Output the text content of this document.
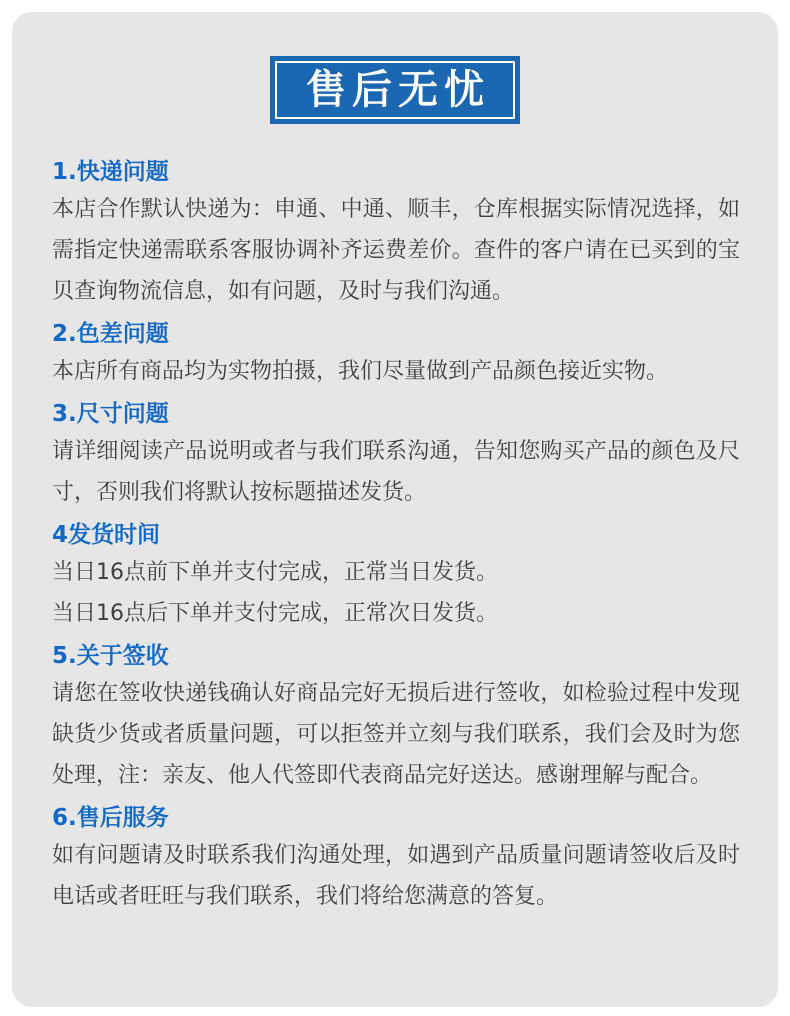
售后无忧
1.快递问题

本店合作默认快递为：申通、中通、顺丰，仓库根据实际情况选择，如需指定快递需联系客服协调补齐运费差价。查件的客户请在已买到的宝贝查询物流信息，如有问题，及时与我们沟通。

2.色差问题

本店所有商品均为实物拍摄，我们尽量做到产品颜色接近实物。

3.尺寸问题

请详细阅读产品说明或者与我们联系沟通，告知您购买产品的颜色及尺寸，否则我们将默认按标题描述发货。

4发货时间

当日16点前下单并支付完成，正常当日发货。

当日16点后下单并支付完成，正常次日发货。

5.关于签收

请您在签收快递钱确认好商品完好无损后进行签收，如检验过程中发现缺货少货或者质量问题，可以拒签并立刻与我们联系，我们会及时为您处理，注：亲友、他人代签即代表商品完好送达。感谢理解与配合。

6.售后服务

如有问题请及时联系我们沟通处理，如遇到产品质量问题请签收后及时电话或者旺旺与我们联系，我们将给您满意的答复。
